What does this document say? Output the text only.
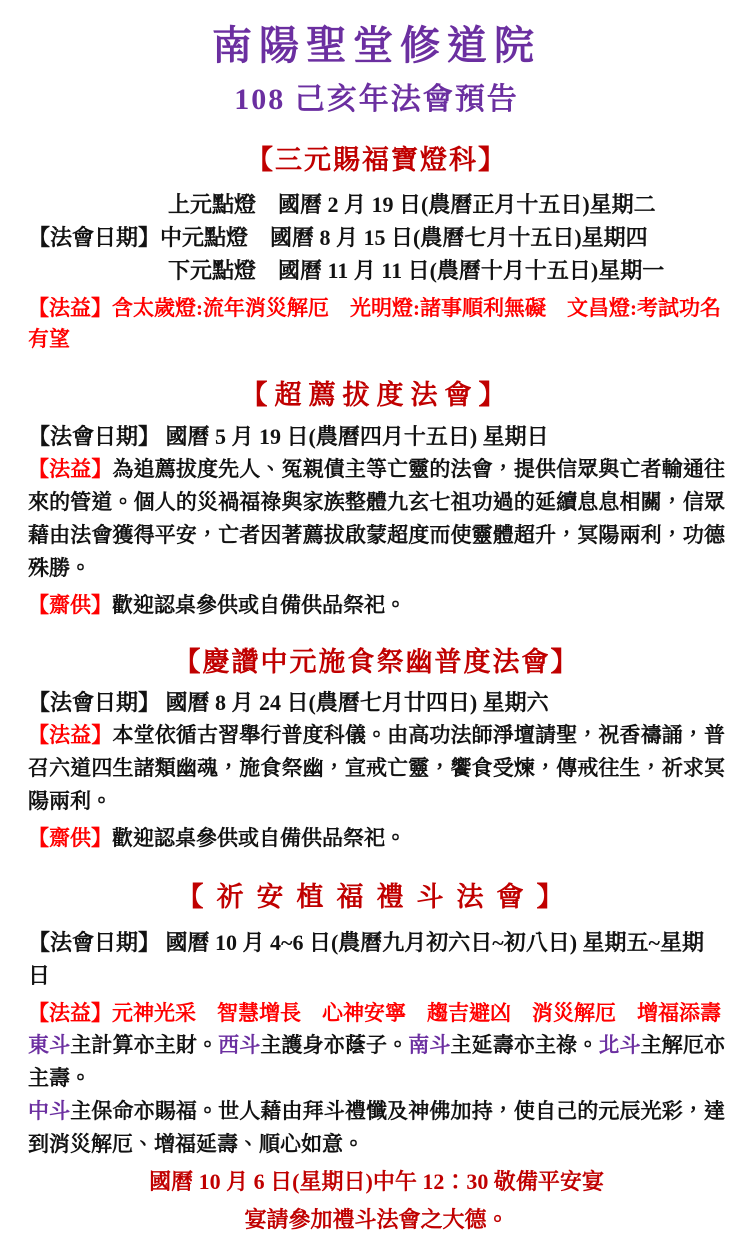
南陽聖堂修道院
108 己亥年法會預告
【三元賜福寶燈科】
上元點燈　國曆 2 月 19 日(農曆正月十五日)星期二
【法會日期】中元點燈　國曆 8 月 15 日(農曆七月十五日)星期四
下元點燈　國曆 11 月 11 日(農曆十月十五日)星期一
【法益】含太歲燈:流年消災解厄　光明燈:諸事順利無礙　文昌燈:考試功名有望
【超薦拔度法會】
【法會日期】 國曆 5 月 19 日(農曆四月十五日) 星期日
【法益】為追薦拔度先人、冤親債主等亡靈的法會，提供信眾與亡者輸通往來的管道。個人的災禍福祿與家族整體九玄七祖功過的延續息息相關，信眾藉由法會獲得平安，亡者因著薦拔啟蒙超度而使靈體超升，冥陽兩利，功德殊勝。
【齋供】歡迎認桌參供或自備供品祭祀。
【慶讚中元施食祭幽普度法會】
【法會日期】 國曆 8 月 24 日(農曆七月廿四日) 星期六
【法益】本堂依循古習舉行普度科儀。由高功法師淨壇請聖，祝香禱誦，普召六道四生諸類幽魂，施食祭幽，宣戒亡靈，饗食受煉，傳戒往生，祈求冥陽兩利。
【齋供】歡迎認桌參供或自備供品祭祀。
【祈安植福禮斗法會】
【法會日期】 國曆 10 月 4~6 日(農曆九月初六日~初八日) 星期五~星期日
【法益】元神光采　智慧增長　心神安寧　趨吉避凶　消災解厄　增福添壽
東斗主計算亦主財。西斗主護身亦蔭子。南斗主延壽亦主祿。北斗主解厄亦主壽。
中斗主保命亦賜福。世人藉由拜斗禮懺及神佛加持，使自己的元辰光彩，達到消災解厄、增福延壽、順心如意。
國曆 10 月 6 日(星期日)中午 12：30 敬備平安宴
宴請參加禮斗法會之大德。
